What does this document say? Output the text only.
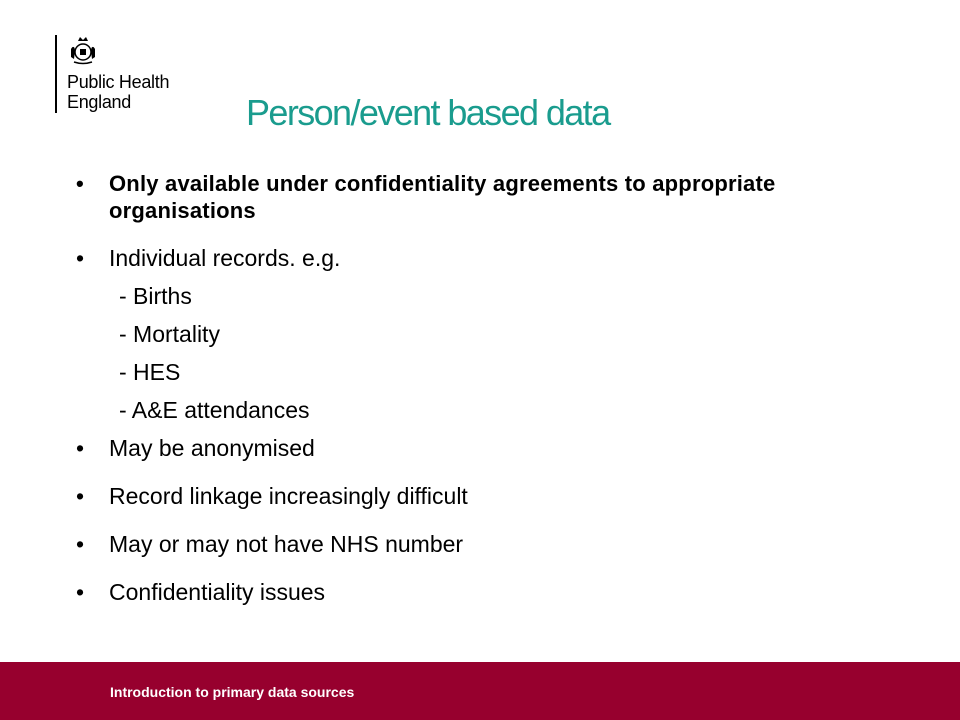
Public Health
England	Person/event based data
• Only available under confidentiality agreements to appropriate organisations
• Individual records. e.g.
- Births
- Mortality
- HES
- A&E attendances
• May be anonymised
• Record linkage increasingly difficult
• May or may not have NHS number
• Confidentiality issues
Introduction to primary data sources
